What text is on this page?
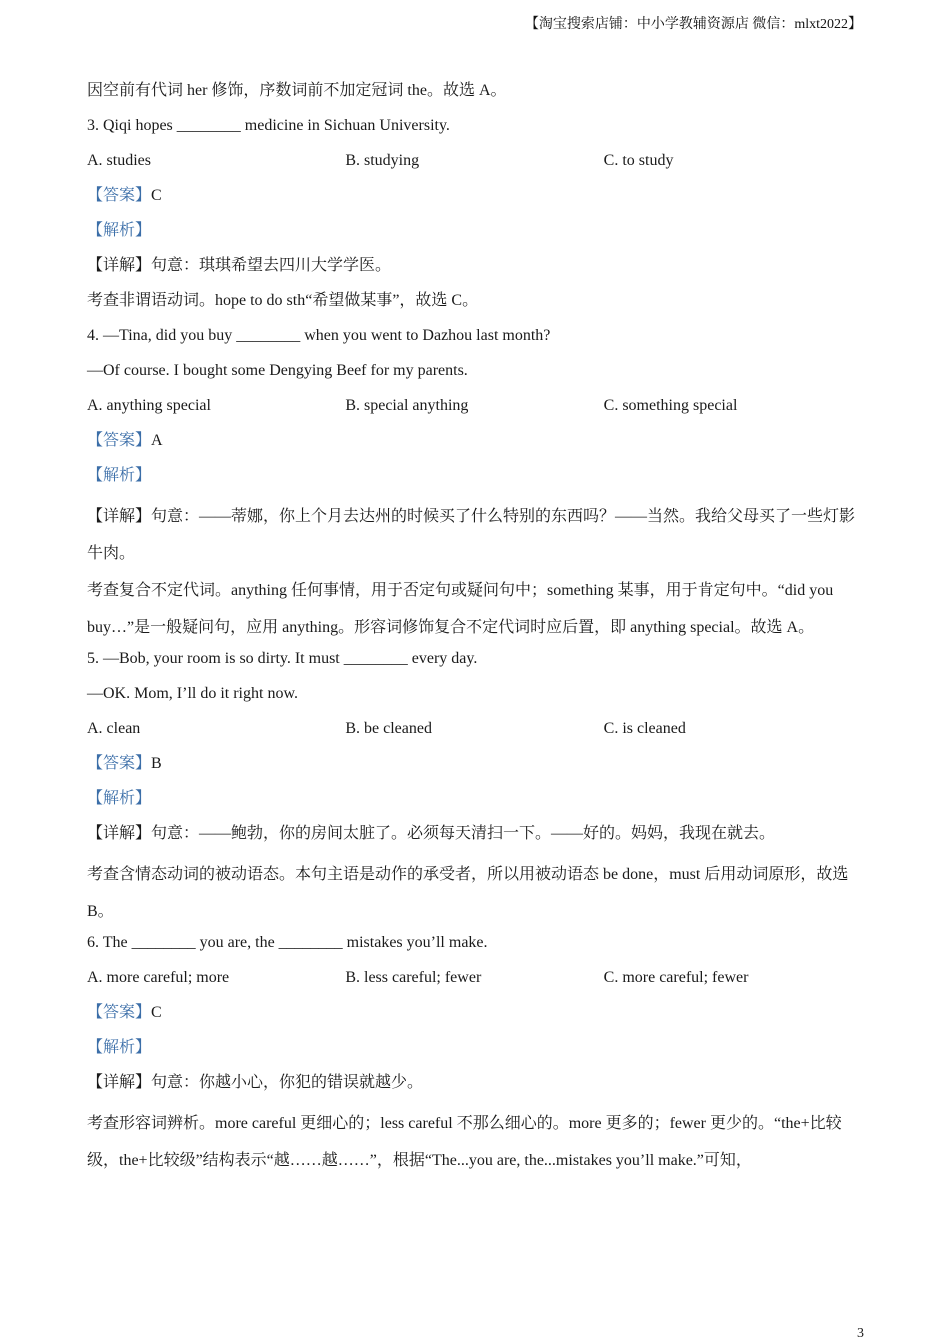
【淘宝搜索店铺：中小学教辅资源店 微信：mlxt2022】

因空前有代词 her 修饰，序数词前不加定冠词 the。故选 A。

3. Qiqi hopes ________ medicine in Sichuan University.

A. studies	B. studying	C. to study

【答案】C

【解析】

【详解】句意：琪琪希望去四川大学学医。

考查非谓语动词。hope to do sth“希望做某事”，故选 C。

4. —Tina, did you buy ________ when you went to Dazhou last month?

—Of course. I bought some Dengying Beef for my parents.

A. anything special	B. special anything	C. something special

【答案】A

【解析】

【详解】句意：——蒂娜，你上个月去达州的时候买了什么特别的东西吗？——当然。我给父母买了一些灯影牛肉。

考查复合不定代词。anything 任何事情，用于否定句或疑问句中；something 某事，用于肯定句中。“did you buy…”是一般疑问句，应用 anything。形容词修饰复合不定代词时应后置，即 anything special。故选 A。

5. —Bob, your room is so dirty. It must ________ every day.

—OK. Mom, I’ll do it right now.

A. clean	B. be cleaned	C. is cleaned

【答案】B

【解析】

【详解】句意：——鲍勃，你的房间太脏了。必须每天清扫一下。——好的。妈妈，我现在就去。

考查含情态动词的被动语态。本句主语是动作的承受者，所以用被动语态 be done，must 后用动词原形，故选 B。

6. The ________ you are, the ________ mistakes you’ll make.

A. more careful; more	B. less careful; fewer	C. more careful; fewer

【答案】C

【解析】

【详解】句意：你越小心，你犯的错误就越少。

考查形容词辨析。more careful 更细心的；less careful 不那么细心的。more 更多的；fewer 更少的。“the+比较级，the+比较级”结构表示“越……越……”，根据“The...you are, the...mistakes you’ll make.”可知，

3
